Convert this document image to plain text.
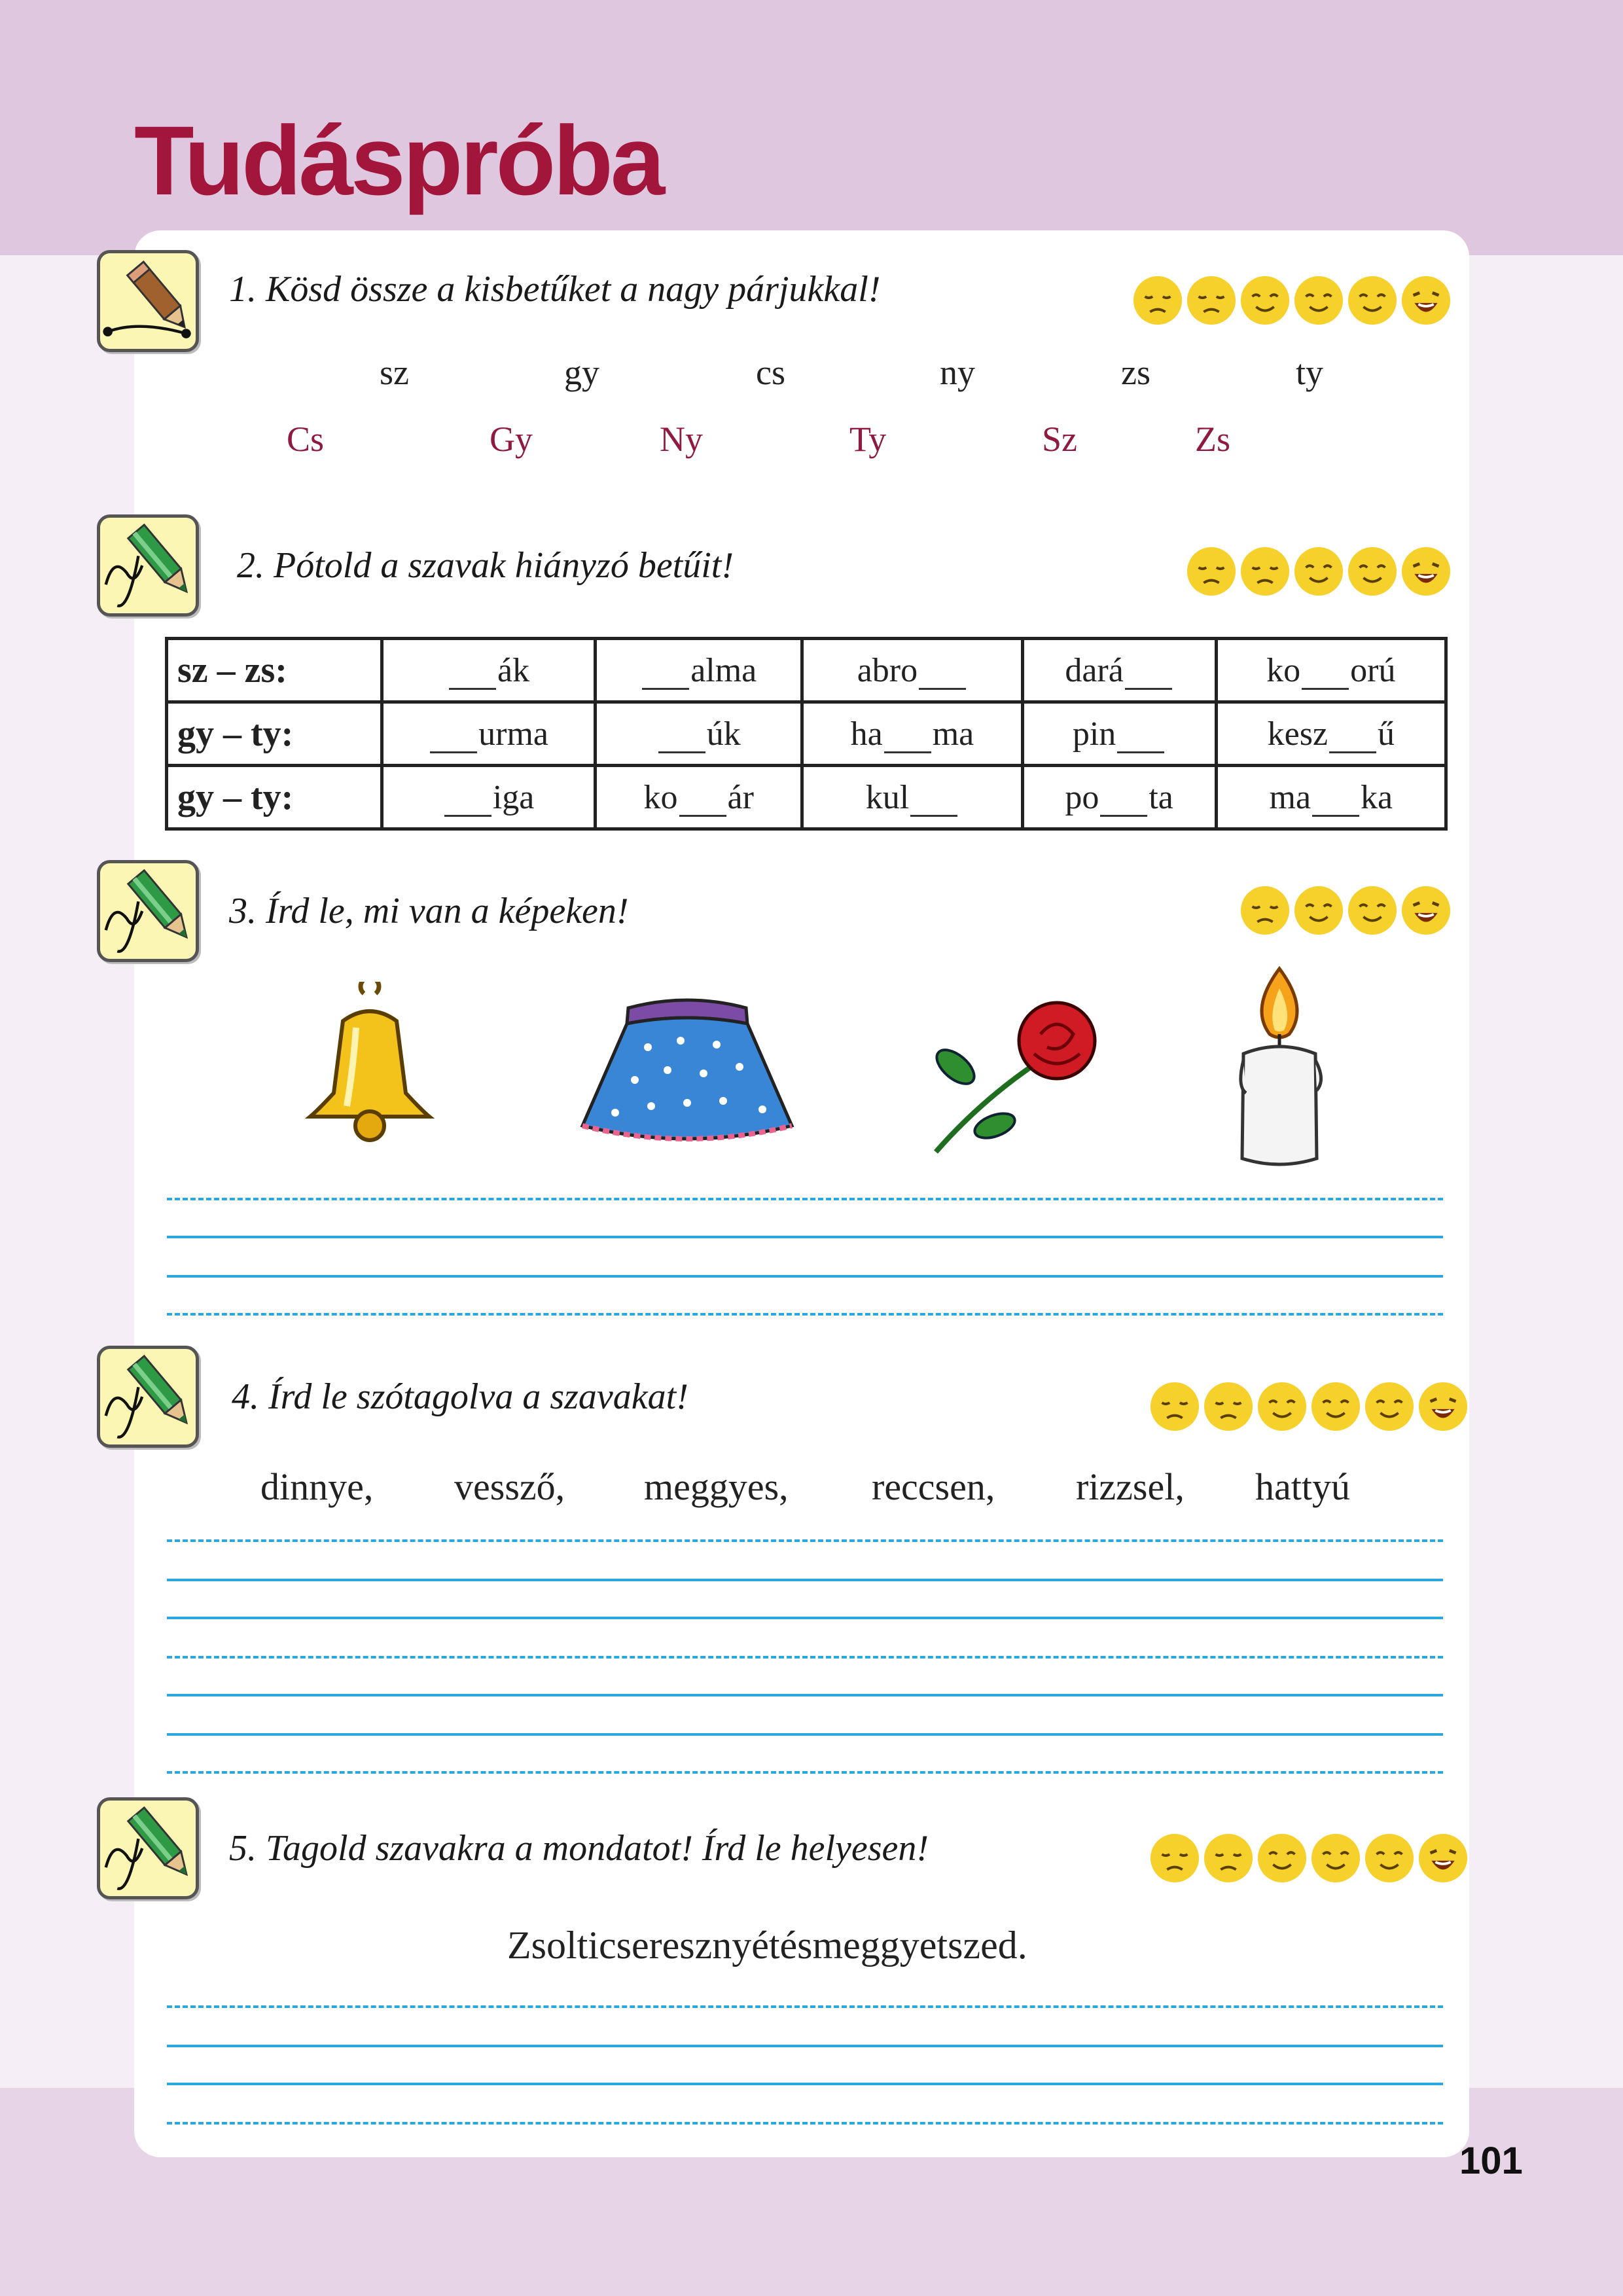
Tudáspróba
1. Kösd össze a kisbetűket a nagy párjukkal!
sz	gy	cs	ny	zs	ty
Cs	Gy	Ny	Ty	Sz	Zs
2. Pótold a szavak hiányzó betűit!
sz – zs:	ák	alma	abro	dará	ko orú
gy – ty:	urma	úk	ha ma	pin	kesz ű
gy – ty:	iga	ko ár	kul	po ta	ma ka
3. Írd le, mi van a képeken!
4. Írd le szótagolva a szavakat!
dinnye, vessző, meggyes, reccsen, rizzsel, hattyú
5. Tagold szavakra a mondatot! Írd le helyesen!
Zsolticseresznyétésmeggyetszed.
101
